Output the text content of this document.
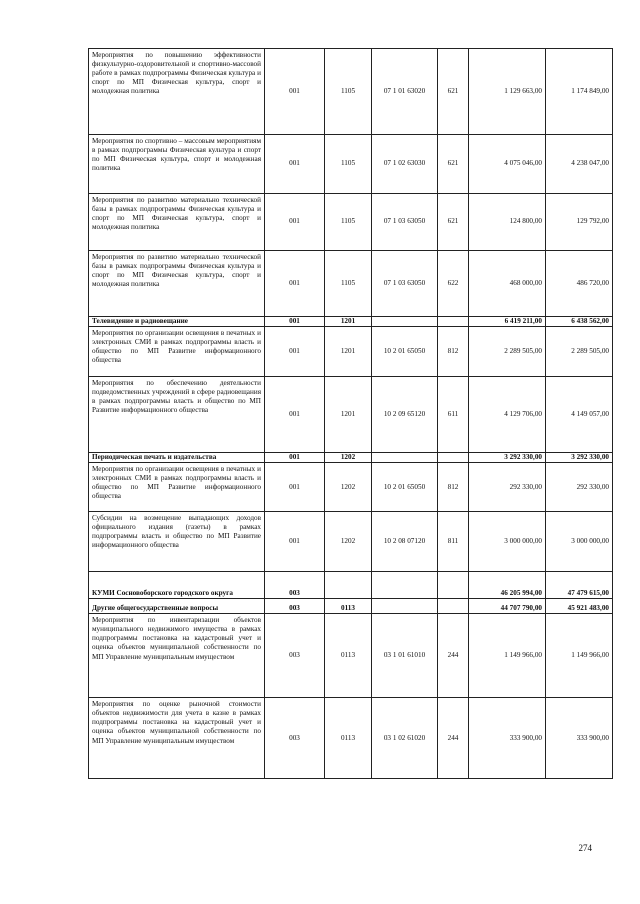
Мероприятия по повышению эффективности физкультурно-оздоровительной и спортивно-массовой работе в рамках подпрограммы Физическая культура и спорт по МП Физическая культура, спорт и молодежная политика	001	1105	07 1 01 63020	621	1 129 663,00	1 174 849,00
Мероприятия по спортивно – массовым мероприятиям в рамках подпрограммы Физическая культура и спорт по МП Физическая культура, спорт и молодежная политика	001	1105	07 1 02 63030	621	4 075 046,00	4 238 047,00
Мероприятия по развитию материально технической базы в рамках подпрограммы Физическая культура и спорт по МП Физическая культура, спорт и молодежная политика	001	1105	07 1 03 63050	621	124 800,00	129 792,00
Мероприятия по развитию материально технической базы в рамках подпрограммы Физическая культура и спорт по МП Физическая культура, спорт и молодежная политика	001	1105	07 1 03 63050	622	468 000,00	486 720,00
Телевидение и радиовещание	001	1201			6 419 211,00	6 438 562,00
Мероприятия по организации освещения в печатных и электронных СМИ в рамках подпрограммы власть и общество по МП Развитие информационного общества	001	1201	10 2 01 65050	812	2 289 505,00	2 289 505,00
Мероприятия по обеспечению деятельности подведомственных учреждений в сфере радиовещания в рамках подпрограммы власть и общество по МП Развитие информационного общества	001	1201	10 2 09 65120	611	4 129 706,00	4 149 057,00
Периодическая печать и издательства	001	1202			3 292 330,00	3 292 330,00
Мероприятия по организации освещения в печатных и электронных СМИ в рамках подпрограммы власть и общество по МП Развитие информационного общества	001	1202	10 2 01 65050	812	292 330,00	292 330,00
Субсидии на возмещение выпадающих доходов официального издания (газеты) в рамках подпрограммы власть и общество по МП Развитие информационного общества	001	1202	10 2 08 07120	811	3 000 000,00	3 000 000,00
КУМИ Сосновоборского городского округа	003				46 205 994,00	47 479 615,00
Другие общегосударственные вопросы	003	0113			44 707 790,00	45 921 483,00
Мероприятия по инвентаризации объектов муниципального недвижимого имущества в рамках подпрограммы постановка на кадастровый учет и оценка объектов муниципальной собственности по МП Управление муниципальным имуществом	003	0113	03 1 01 61010	244	1 149 966,00	1 149 966,00
Мероприятия по оценке рыночной стоимости объектов недвижимости для учета в казне в рамках подпрограммы постановка на кадастровый учет и оценка объектов муниципальной собственности по МП Управление муниципальным имуществом	003	0113	03 1 02 61020	244	333 900,00	333 900,00
274
